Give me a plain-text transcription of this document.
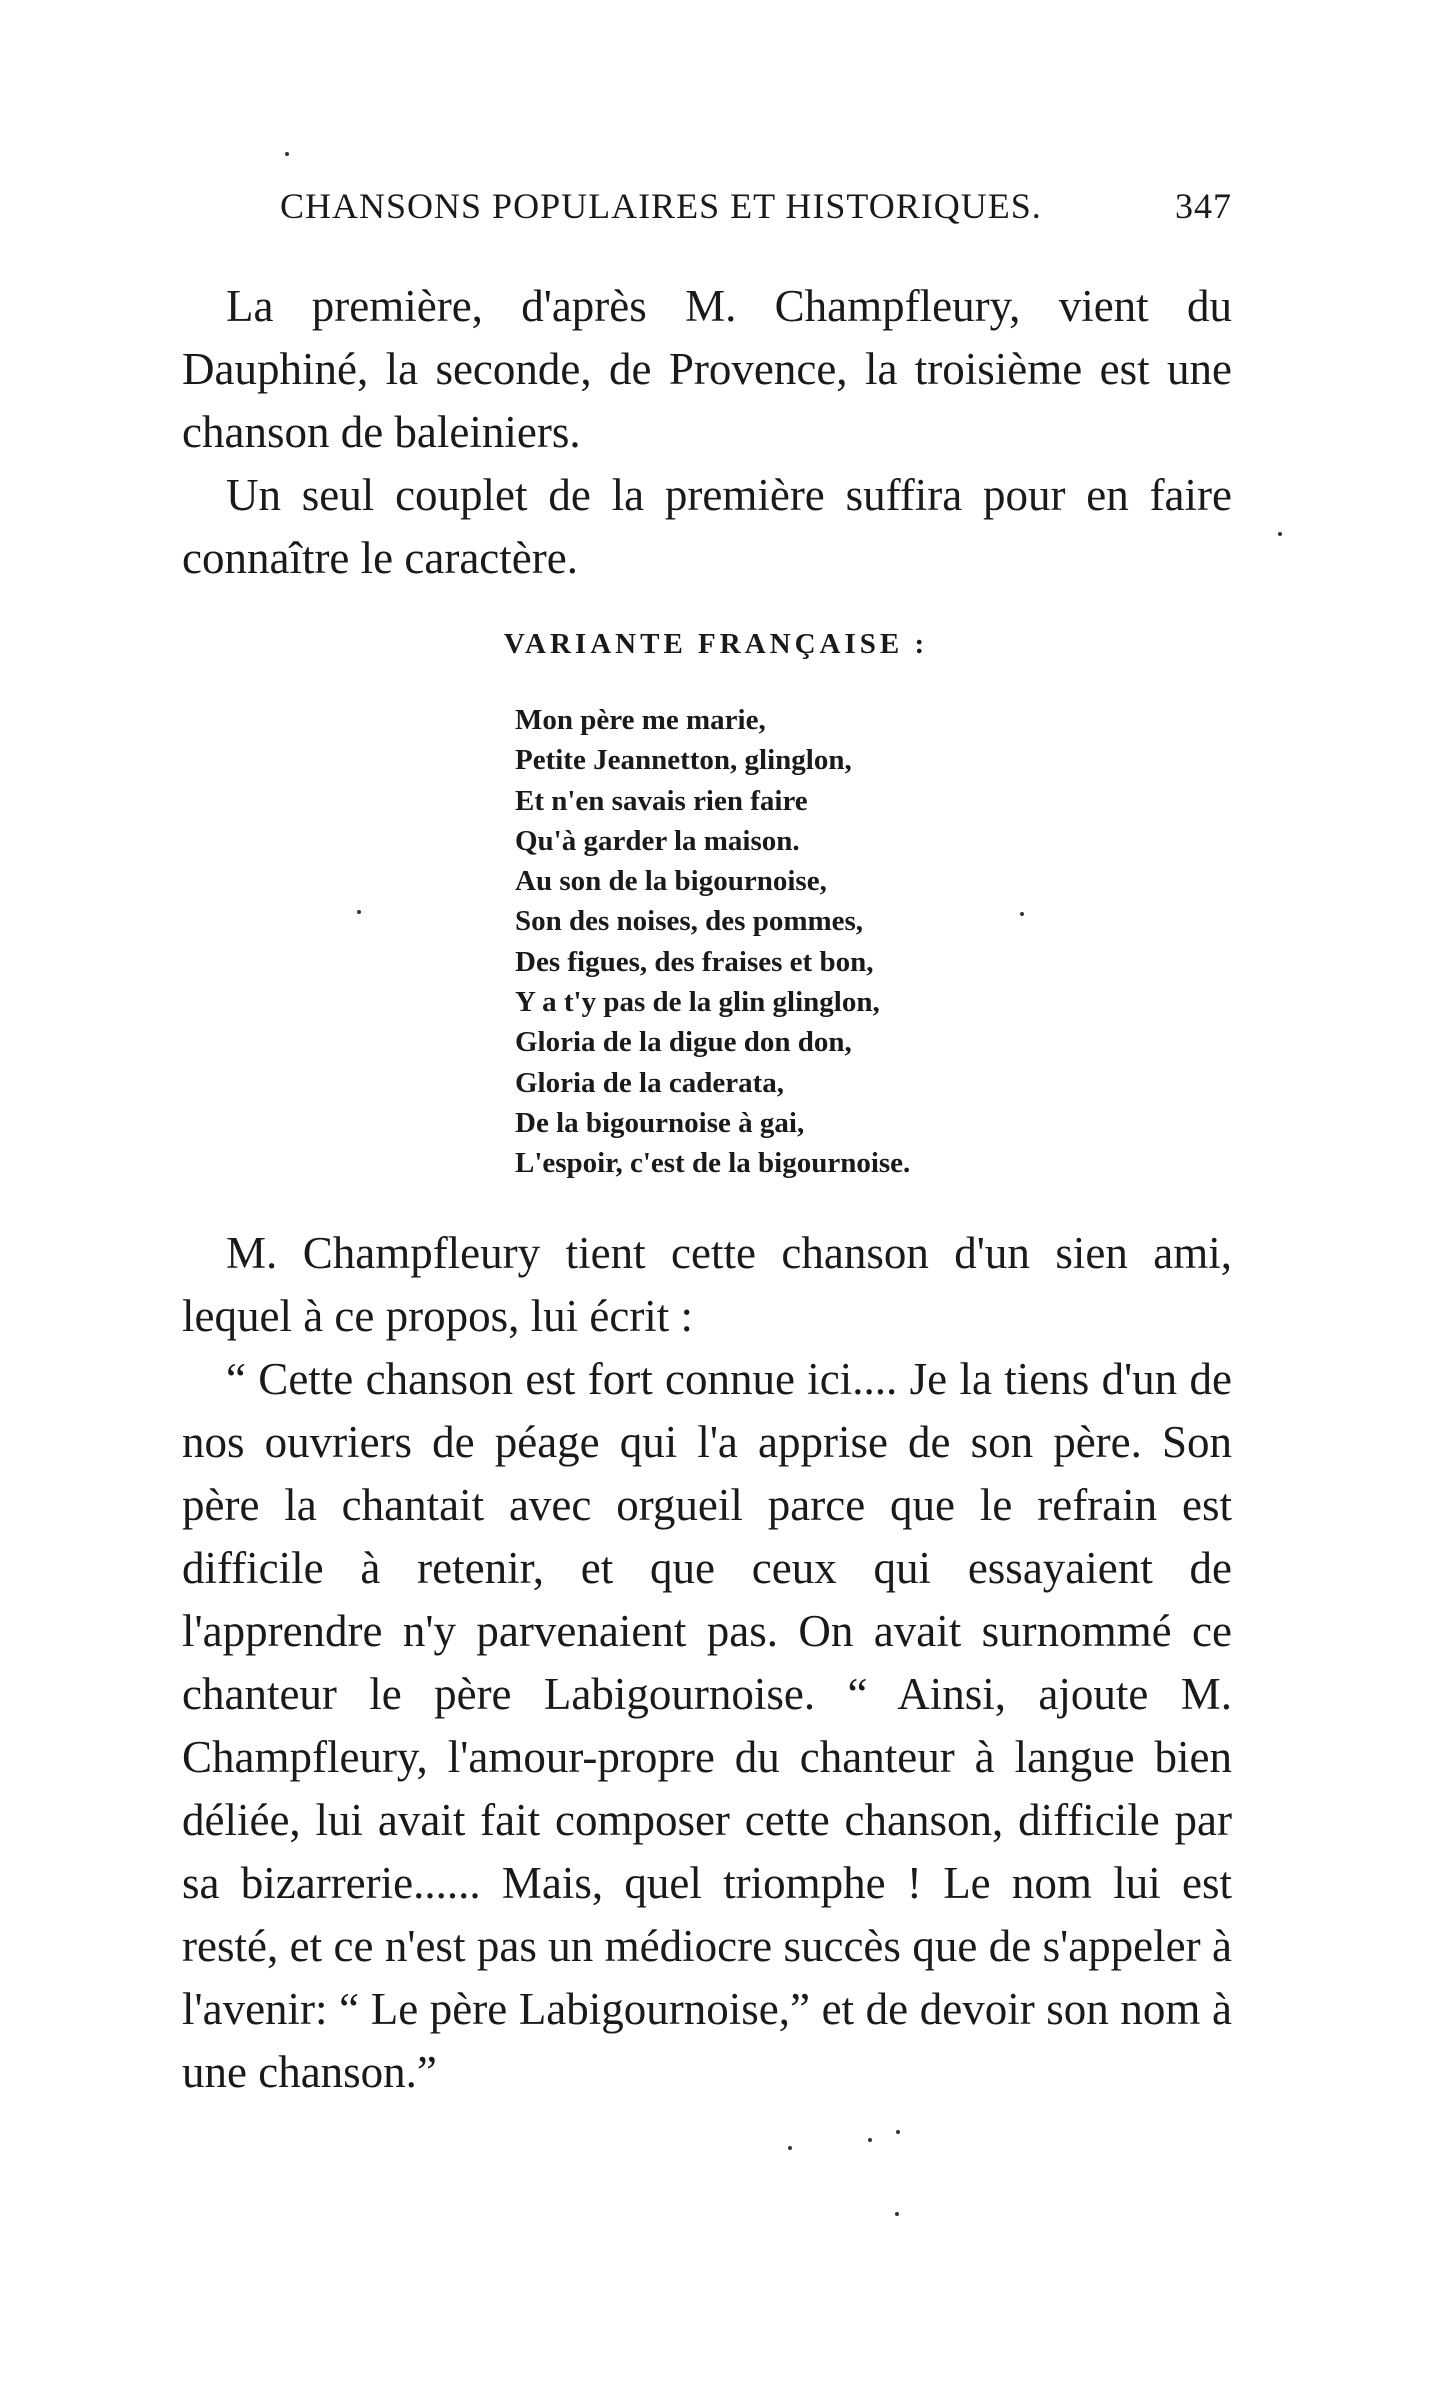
CHANSONS POPULAIRES ET HISTORIQUES.	347

La première, d'après M. Champfleury, vient du Dauphiné, la seconde, de Provence, la troisième est une chanson de baleiniers.

Un seul couplet de la première suffira pour en faire connaître le caractère.

VARIANTE FRANÇAISE :
Mon père me marie,
Petite Jeannetton, glinglon,
Et n'en savais rien faire
Qu'à garder la maison.
Au son de la bigournoise,
Son des noises, des pommes,
Des figues, des fraises et bon,
Y a t'y pas de la glin glinglon,
Gloria de la digue don don,
Gloria de la caderata,
De la bigournoise à gai,
L'espoir, c'est de la bigournoise.

M. Champfleury tient cette chanson d'un sien ami, lequel à ce propos, lui écrit :

“ Cette chanson est fort connue ici.... Je la tiens d'un de nos ouvriers de péage qui l'a apprise de son père. Son père la chantait avec orgueil parce que le refrain est difficile à retenir, et que ceux qui essayaient de l'apprendre n'y parvenaient pas. On avait surnommé ce chanteur le père Labigournoise. “ Ainsi, ajoute M. Champfleury, l'amour-propre du chanteur à langue bien déliée, lui avait fait composer cette chanson, difficile par sa bizarrerie...... Mais, quel triomphe ! Le nom lui est resté, et ce n'est pas un médiocre succès que de s'appeler à l'avenir: “ Le père Labigournoise,” et de devoir son nom à une chanson.”
